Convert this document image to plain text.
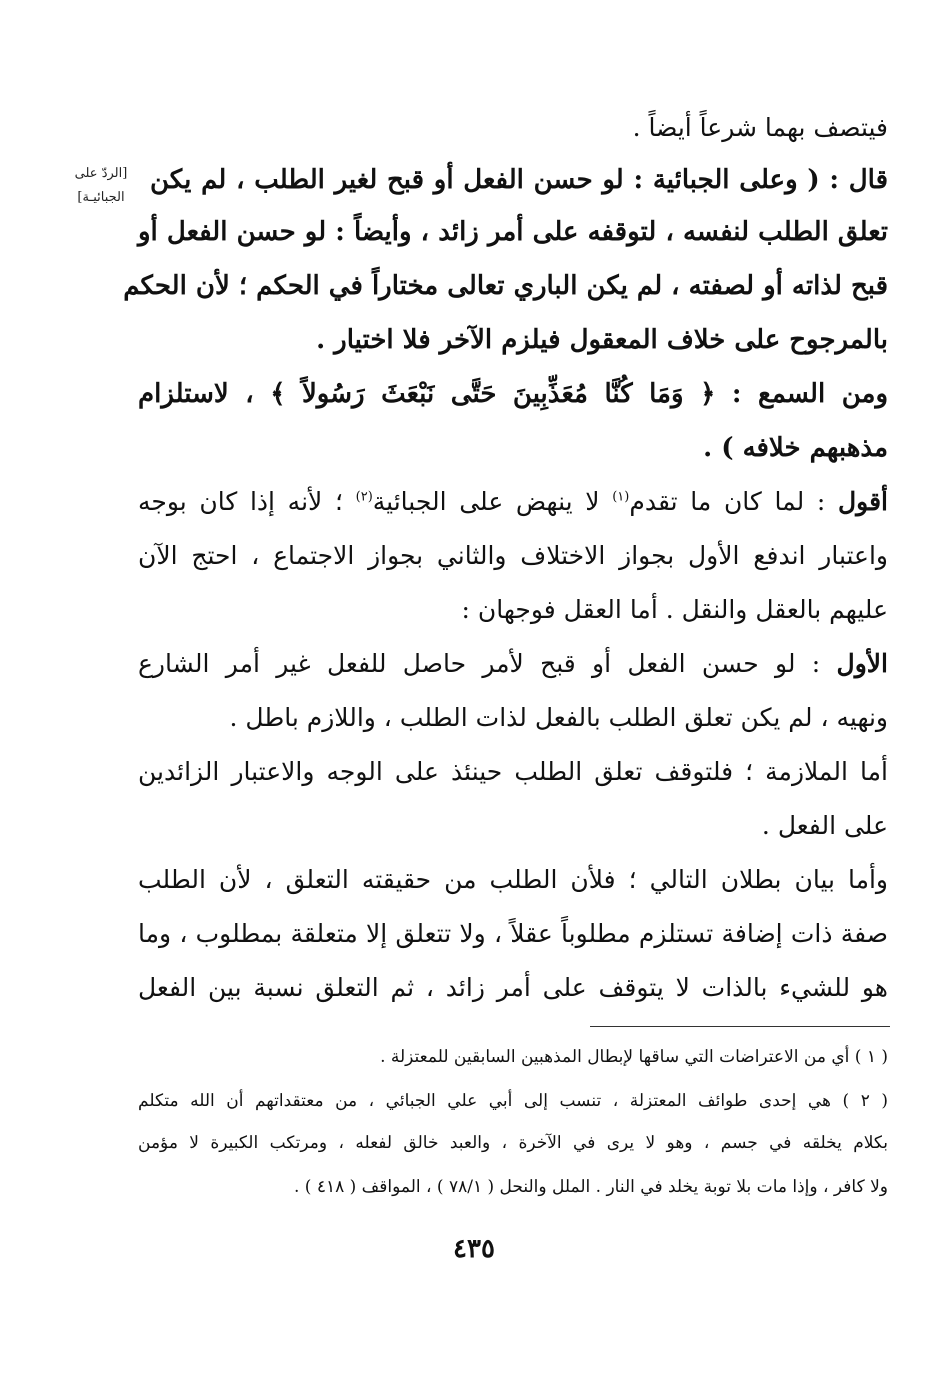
[الردّ على الجبائيـة]
فيتصف بهما شرعاً أيضاً .
قال : ( وعلى الجبائية : لو حسن الفعل أو قبح لغير الطلب ، لم يكن
تعلق الطلب لنفسه ، لتوقفه على أمر زائد ، وأيضاً : لو حسن الفعل أو
قبح لذاته أو لصفته ، لم يكن الباري تعالى مختاراً في الحكم ؛ لأن الحكم
بالمرجوح على خلاف المعقول فيلزم الآخر فلا اختيار .
ومن السمع : ﴿ وَمَا كُنَّا مُعَذِّبِينَ حَتَّى نَبْعَثَ رَسُولاً ﴾ ، لاستلزام
مذهبهم خلافه ) .
أقول : لما كان ما تقدم$^{(١)}$ لا ينهض على الجبائية$^{(٢)}$ ؛ لأنه إذا كان بوجه
واعتبار اندفع الأول بجواز الاختلاف والثاني بجواز الاجتماع ، احتج الآن
عليهم بالعقل والنقل . أما العقل فوجهان :
الأول : لو حسن الفعل أو قبح لأمر حاصل للفعل غير أمر الشارع
ونهيه ، لم يكن تعلق الطلب بالفعل لذات الطلب ، واللازم باطل .
أما الملازمة ؛ فلتوقف تعلق الطلب حينئذ على الوجه والاعتبار الزائدين
على الفعل .
وأما بيان بطلان التالي ؛ فلأن الطلب من حقيقته التعلق ، لأن الطلب
صفة ذات إضافة تستلزم مطلوباً عقلاً ، ولا تتعلق إلا متعلقة بمطلوب ، وما
هو للشيء بالذات لا يتوقف على أمر زائد ، ثم التعلق نسبة بين الفعل
( ١ ) أي من الاعتراضات التي ساقها لإبطال المذهبين السابقين للمعتزلة .
( ٢ ) هي إحدى طوائف المعتزلة ، تنسب إلى أبي علي الجبائي ، من معتقداتهم أن الله متكلم
بكلام يخلقه في جسم ، وهو لا يرى في الآخرة ، والعبد خالق لفعله ، ومرتكب الكبيرة لا مؤمن
ولا كافر ، وإذا مات بلا توبة يخلد في النار . الملل والنحل ( ٧٨/١ ) ، المواقف ( ٤١٨ ) .
٤٣٥
